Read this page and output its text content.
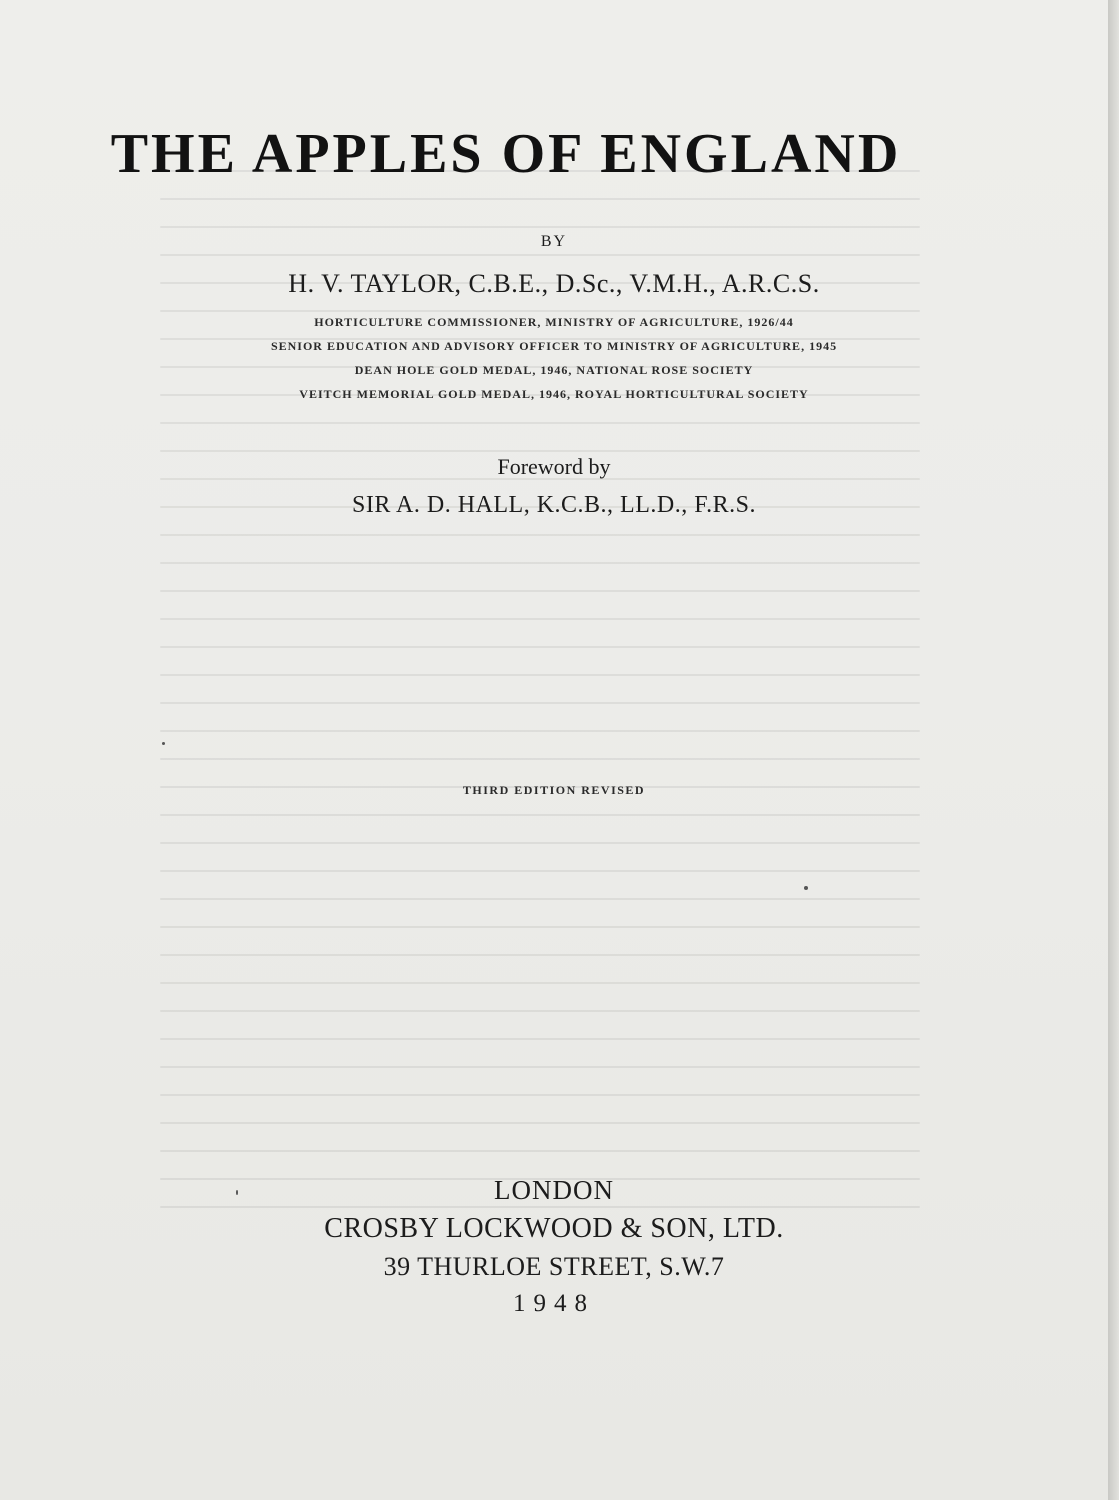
THE APPLES OF ENGLAND

BY

H. V. TAYLOR, C.B.E., D.Sc., V.M.H., A.R.C.S.

HORTICULTURE COMMISSIONER, MINISTRY OF AGRICULTURE, 1926/44

SENIOR EDUCATION AND ADVISORY OFFICER TO MINISTRY OF AGRICULTURE, 1945

DEAN HOLE GOLD MEDAL, 1946, NATIONAL ROSE SOCIETY

VEITCH MEMORIAL GOLD MEDAL, 1946, ROYAL HORTICULTURAL SOCIETY

Foreword by

SIR A. D. HALL, K.C.B., LL.D., F.R.S.

THIRD EDITION REVISED

LONDON

CROSBY LOCKWOOD & SON, LTD.

39 THURLOE STREET, S.W.7

1948
